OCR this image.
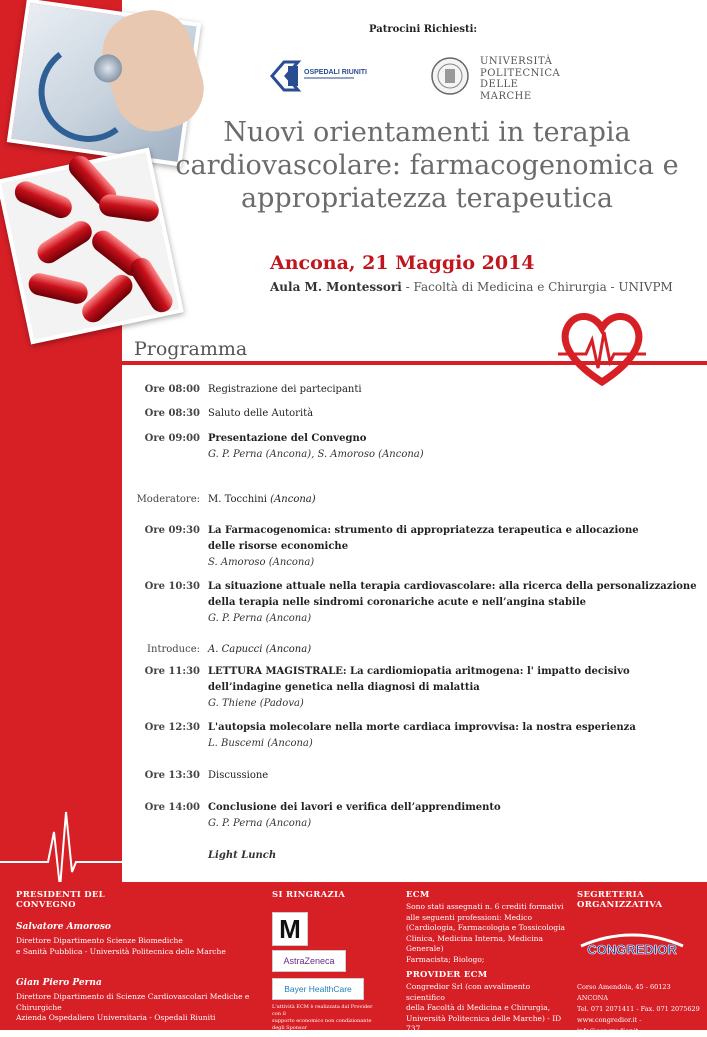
Patrocini Richiesti:
OSPEDALI RIUNITI
UNIVERSITÀ
POLITECNICA
DELLE MARCHE
Nuovi orientamenti in terapia
cardiovascolare: farmacogenomica e
appropriatezza terapeutica
Ancona, 21 Maggio 2014
Aula M. Montessori - Facoltà di Medicina e Chirurgia - UNIVPM
Programma
Ore 08:00 Registrazione dei partecipanti
Ore 08:30 Saluto delle Autorità
Ore 09:00 Presentazione del Convegno
G. P. Perna (Ancona), S. Amoroso (Ancona)
Moderatore: M. Tocchini (Ancona)
Ore 09:30 La Farmacogenomica: strumento di appropriatezza terapeutica e allocazione
delle risorse economiche
S. Amoroso (Ancona)
Ore 10:30 La situazione attuale nella terapia cardiovascolare: alla ricerca della personalizzazione
della terapia nelle sindromi coronariche acute e nell’angina stabile
G. P. Perna (Ancona)
Introduce: A. Capucci (Ancona)
Ore 11:30 LETTURA MAGISTRALE: La cardiomiopatia aritmogena: l' impatto decisivo
dell’indagine genetica nella diagnosi di malattia
G. Thiene (Padova)
Ore 12:30 L'autopsia molecolare nella morte cardiaca improvvisa: la nostra esperienza
L. Buscemi (Ancona)
Ore 13:30 Discussione
Ore 14:00 Conclusione dei lavori e verifica dell’apprendimento
G. P. Perna (Ancona)
Light Lunch
PRESIDENTI DEL
CONVEGNO
Salvatore Amoroso
Direttore Dipartimento Scienze Biomediche
e Sanità Pubblica - Università Politecnica delle Marche
Gian Piero Perna
Direttore Dipartimento di Scienze Cardiovascolari Mediche e Chirurgiche
Azienda Ospedaliero Universitaria - Ospedali Riuniti
SI RINGRAZIA
M
AstraZeneca
Bayer HealthCare
L'attività ECM è realizzata dal Provider con il
supporto economico non condizionante degli Sponsor
ECM
Sono stati assegnati n. 6 crediti formativi
alle seguenti professioni: Medico
(Cardiologia, Farmacologia e Tossicologia
Clinica, Medicina Interna, Medicina Generale)
Farmacista; Biologo;
PROVIDER ECM
Congredior Srl (con avvalimento scientifico
della Facoltà di Medicina e Chirurgia,
Università Politecnica delle Marche) - ID 737
SEGRETERIA
ORGANIZZATIVA
CONGREDIOR
Corso Amendola, 45 - 60123 ANCONA
Tel. 071 2071411 - Fax. 071 2075629
www.congredior.it - info@congredior.it
